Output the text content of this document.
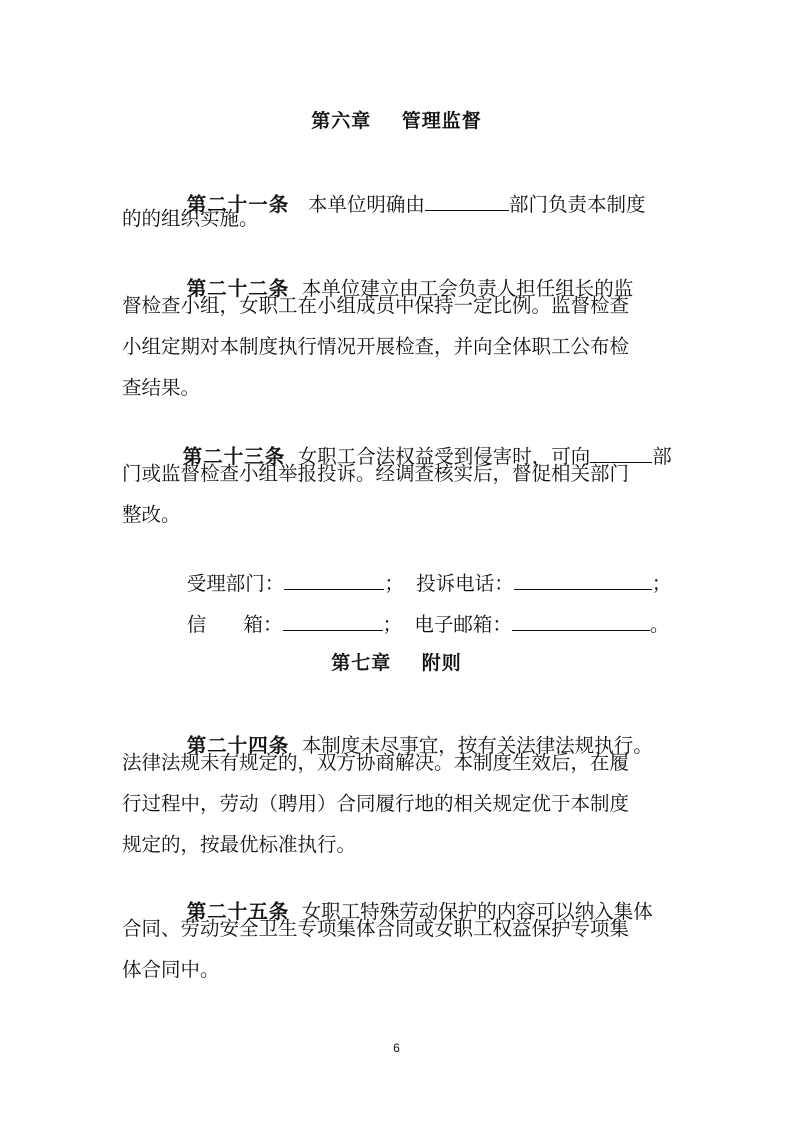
第六章    管理监督

第二十一条 本单位明确由	部门负责本制度

的的组织实施。

第二十二条 本单位建立由工会负责人担任组长的监

督检查小组，女职工在小组成员中保持一定比例。监督检查
小组定期对本制度执行情况开展检查，并向全体职工公布检
查结果。

第二十三条 女职工合法权益受到侵害时，可向	部

门或监督检查小组举报投诉。经调查核实后，督促相关部门
整改。

受理部门：	；  投诉电话：	；

信      箱：	；  电子邮箱：	。

第七章    附则

第二十四条 本制度未尽事宜，按有关法律法规执行。

法律法规未有规定的，双方协商解决。本制度生效后，在履
行过程中，劳动（聘用）合同履行地的相关规定优于本制度
规定的，按最优标准执行。

第二十五条 女职工特殊劳动保护的内容可以纳入集体

合同、劳动安全卫生专项集体合同或女职工权益保护专项集
体合同中。
6
